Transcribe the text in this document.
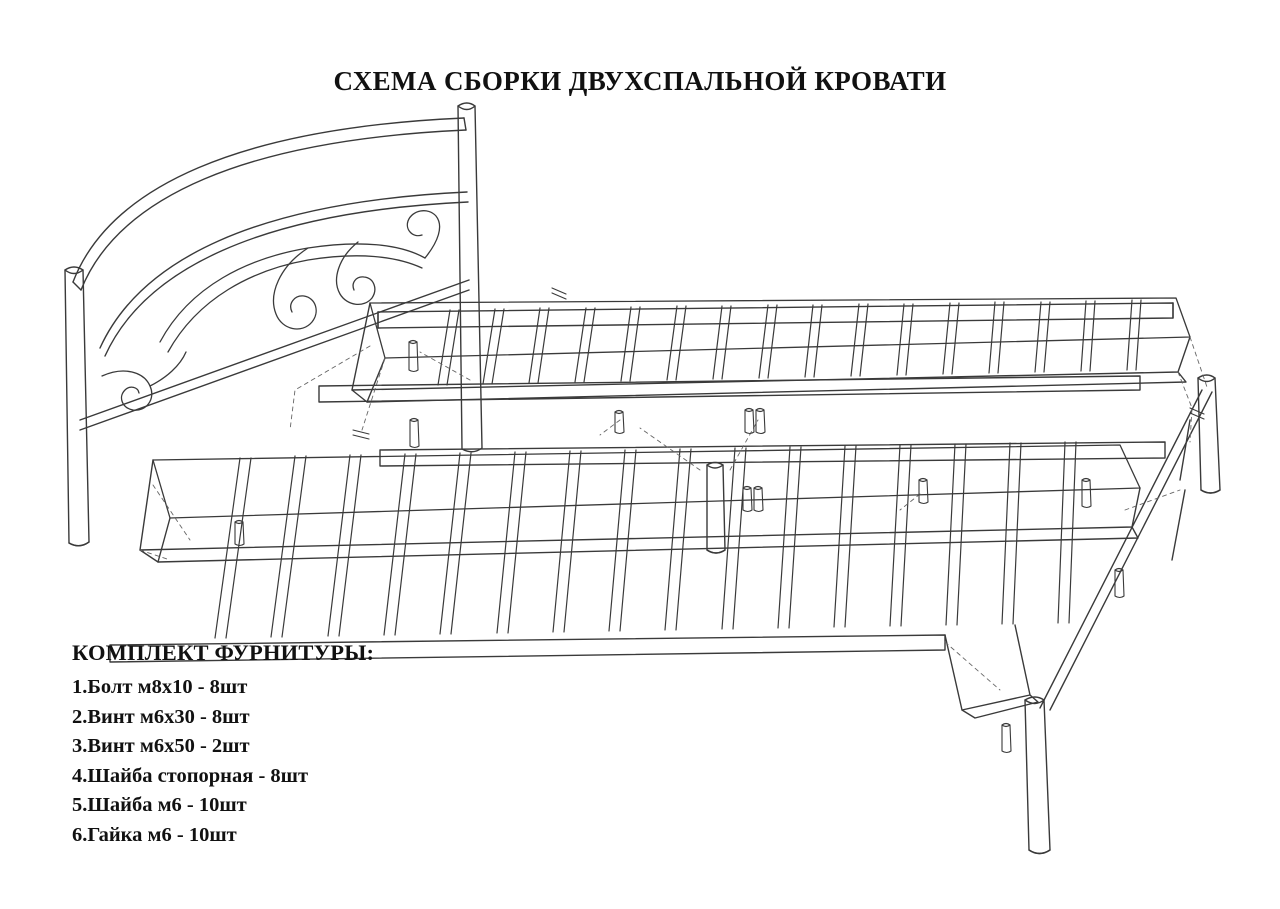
СХЕМА СБОРКИ ДВУХСПАЛЬНОЙ КРОВАТИ
КОМПЛЕКТ ФУРНИТУРЫ:
1.Болт м8х10 - 8шт
2.Винт м6х30 - 8шт
3.Винт м6х50 - 2шт
4.Шайба стопорная - 8шт
5.Шайба м6 - 10шт
6.Гайка м6 - 10шт
